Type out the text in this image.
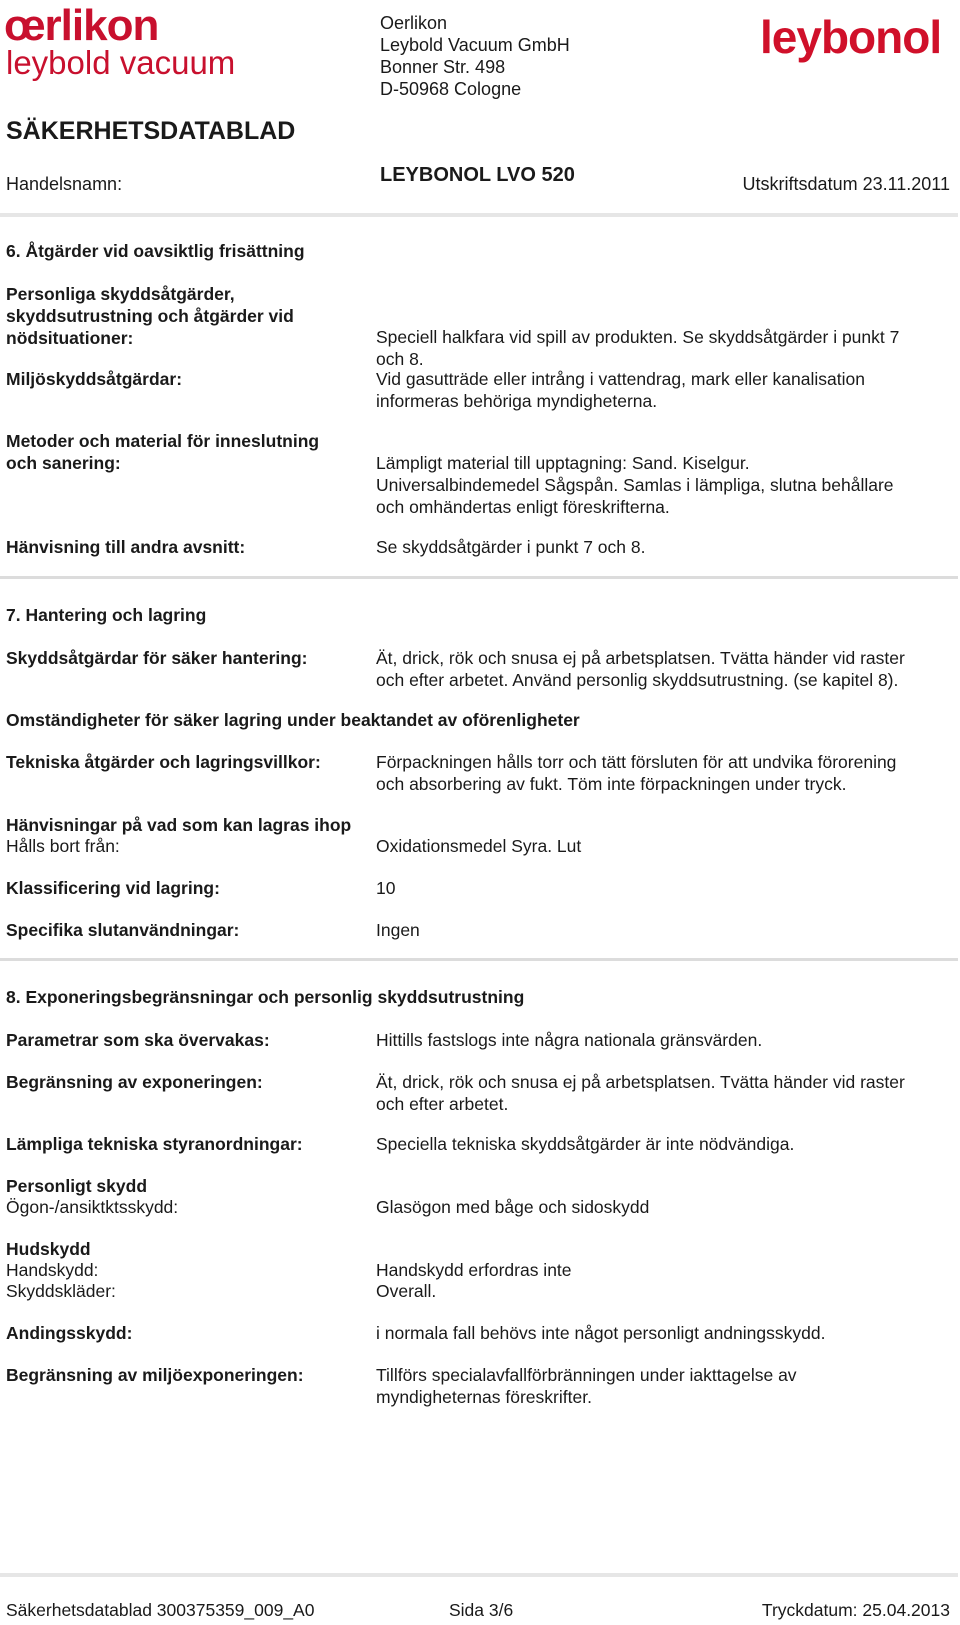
œrlikon
leybold vacuum
Oerlikon
Leybold Vacuum GmbH
Bonner Str. 498
D-50968 Cologne
leybonol
SÄKERHETSDATABLAD
Handelsnamn:	LEYBONOL LVO 520	Utskriftsdatum 23.11.2011
6. Åtgärder vid oavsiktlig frisättning
Personliga skyddsåtgärder,
skyddsutrustning och åtgärder vid
nödsituationer:	Speciell halkfara vid spill av produkten. Se skyddsåtgärder i punkt 7
och 8.
Miljöskyddsåtgärdar:	Vid gasutträde eller intrång i vattendrag, mark eller kanalisation
informeras behöriga myndigheterna.
Metoder och material för inneslutning
och sanering:	Lämpligt material till upptagning: Sand. Kiselgur.
Universalbindemedel Sågspån. Samlas i lämpliga, slutna behållare
och omhändertas enligt föreskrifterna.
Hänvisning till andra avsnitt:	Se skyddsåtgärder i punkt 7 och 8.
7. Hantering och lagring
Skyddsåtgärdar för säker hantering:	Ät, drick, rök och snusa ej på arbetsplatsen. Tvätta händer vid raster
och efter arbetet. Använd personlig skyddsutrustning. (se kapitel 8).
Omständigheter för säker lagring under beaktandet av oförenligheter
Tekniska åtgärder och lagringsvillkor:	Förpackningen hålls torr och tätt försluten för att undvika förorening
och absorbering av fukt. Töm inte förpackningen under tryck.
Hänvisningar på vad som kan lagras ihop
Hålls bort från:	Oxidationsmedel Syra. Lut
Klassificering vid lagring:	10
Specifika slutanvändningar:	Ingen
8. Exponeringsbegränsningar och personlig skyddsutrustning
Parametrar som ska övervakas:	Hittills fastslogs inte några nationala gränsvärden.
Begränsning av exponeringen:	Ät, drick, rök och snusa ej på arbetsplatsen. Tvätta händer vid raster
och efter arbetet.
Lämpliga tekniska styranordningar:	Speciella tekniska skyddsåtgärder är inte nödvändiga.
Personligt skydd
Ögon-/ansiktktsskydd:	Glasögon med båge och sidoskydd
Hudskydd
Handskydd:	Handskydd erfordras inte
Skyddskläder:	Overall.
Andingsskydd:	i normala fall behövs inte något personligt andningsskydd.
Begränsning av miljöexponeringen:	Tillförs specialavfallförbränningen under iakttagelse av
myndigheternas föreskrifter.
Säkerhetsdatablad 300375359_009_A0	Sida 3/6	Tryckdatum: 25.04.2013
